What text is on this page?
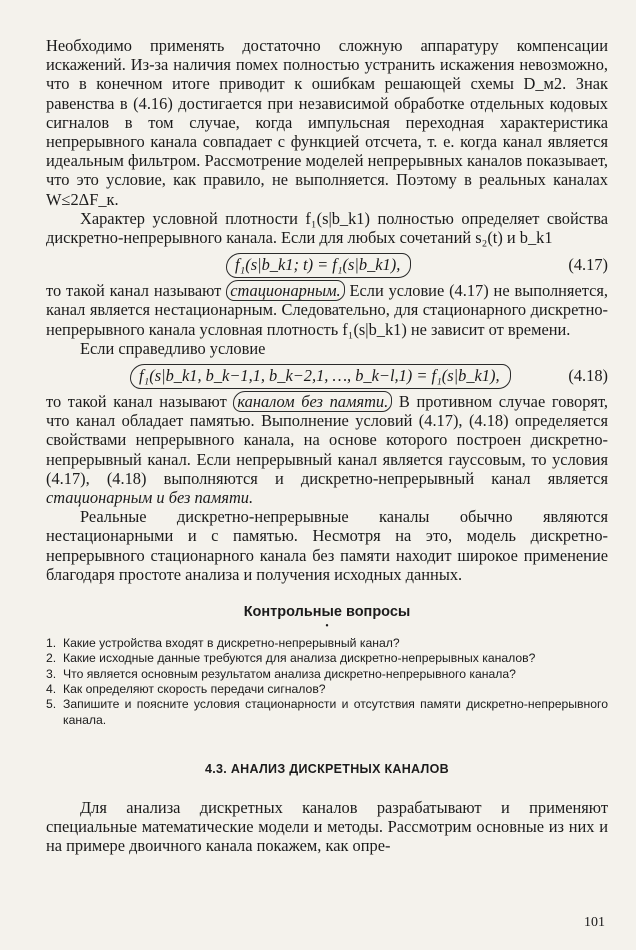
Необходимо применять достаточно сложную аппаратуру компенсации искажений. Из-за наличия помех полностью устранить искажения невозможно, что в конечном итоге приводит к ошибкам решающей схемы D_м2. Знак равенства в (4.16) достигается при независимой обработке отдельных кодовых сигналов в том случае, когда импульсная переходная характеристика непрерывного канала совпадает с функцией отсчета, т. е. когда канал является идеальным фильтром. Рассмотрение моделей непрерывных каналов показывает, что это условие, как правило, не выполняется. Поэтому в реальных каналах W≤2ΔF_к.

Характер условной плотности f₁(s|b_k1) полностью определяет свойства дискретно-непрерывного канала. Если для любых сочетаний s₂(t) и b_k1

f₁(s|b_k1; t) = f₁(s|b_k1),	(4.17)

то такой канал называют стационарным. Если условие (4.17) не выполняется, канал является нестационарным. Следовательно, для стационарного дискретно-непрерывного канала условная плотность f₁(s|b_k1) не зависит от времени.

Если справедливо условие

f₁(s|b_k1, b_k−1,1, b_k−2,1, …, b_k−l,1) = f₁(s|b_k1),	(4.18)

то такой канал называют каналом без памяти. В противном случае говорят, что канал обладает памятью. Выполнение условий (4.17), (4.18) определяется свойствами непрерывного канала, на основе которого построен дискретно-непрерывный канал. Если непрерывный канал является гауссовым, то условия (4.17), (4.18) выполняются и дискретно-непрерывный канал является стационарным и без памяти.

Реальные дискретно-непрерывные каналы обычно являются нестационарными и с памятью. Несмотря на это, модель дискретно-непрерывного стационарного канала без памяти находит широкое применение благодаря простоте анализа и получения исходных данных.

Контрольные вопросы
•
1. Какие устройства входят в дискретно-непрерывный канал?
2. Какие исходные данные требуются для анализа дискретно-непрерывных каналов?
3. Что является основным результатом анализа дискретно-непрерывного канала?
4. Как определяют скорость передачи сигналов?
5. Запишите и поясните условия стационарности и отсутствия памяти дискретно-непрерывного канала.
4.3. АНАЛИЗ ДИСКРЕТНЫХ КАНАЛОВ

Для анализа дискретных каналов разрабатывают и применяют специальные математические модели и методы. Рассмотрим основные из них и на примере двоичного канала покажем, как опре-

101
